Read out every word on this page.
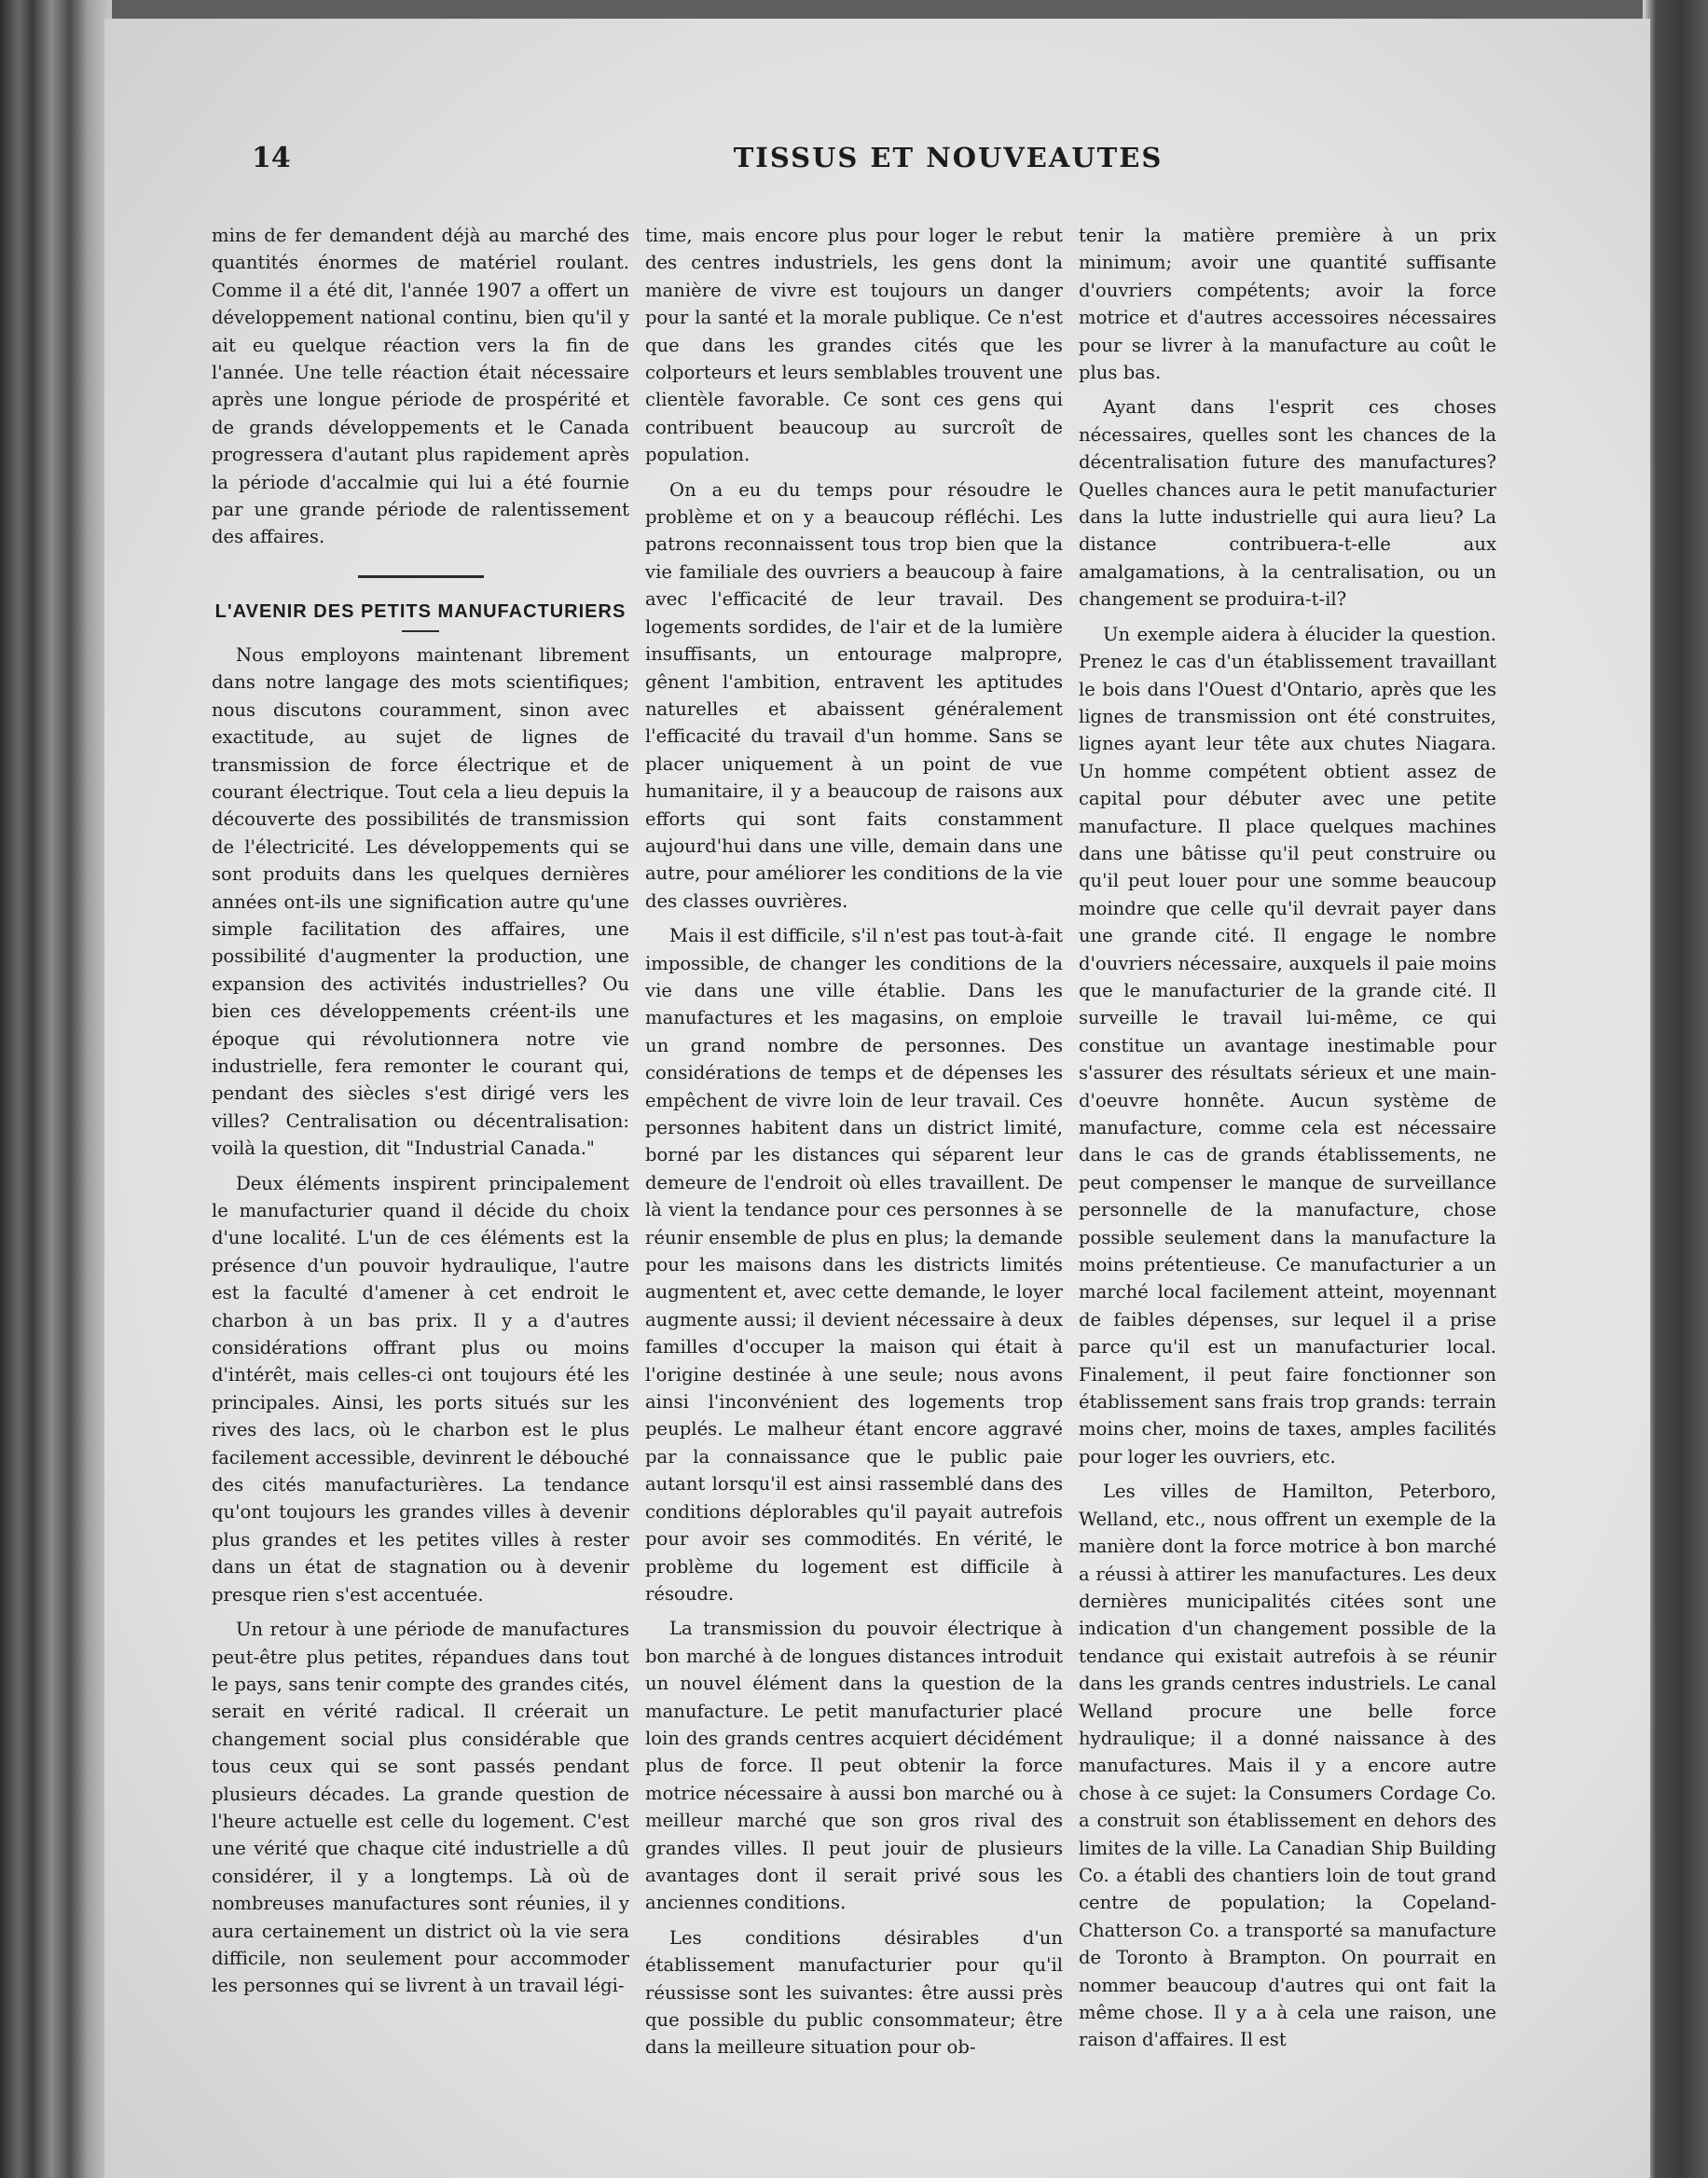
14	TISSUS ET NOUVEAUTES

mins de fer demandent déjà au marché des quantités énormes de matériel roulant. Comme il a été dit, l'année 1907 a offert un développement national continu, bien qu'il y ait eu quelque réaction vers la fin de l'année. Une telle réaction était nécessaire après une longue période de prospérité et de grands développements et le Canada progressera d'autant plus rapidement après la période d'accalmie qui lui a été fournie par une grande période de ralentissement des affaires.

L'AVENIR DES PETITS MANUFACTURIERS

Nous employons maintenant librement dans notre langage des mots scientifiques; nous discutons couramment, sinon avec exactitude, au sujet de lignes de transmission de force électrique et de courant électrique. Tout cela a lieu depuis la découverte des possibilités de transmission de l'électricité. Les développements qui se sont produits dans les quelques dernières années ont-ils une signification autre qu'une simple facilitation des affaires, une possibilité d'augmenter la production, une expansion des activités industrielles? Ou bien ces développements créent-ils une époque qui révolutionnera notre vie industrielle, fera remonter le courant qui, pendant des siècles s'est dirigé vers les villes? Centralisation ou décentralisation: voilà la question, dit "Industrial Canada."

Deux éléments inspirent principalement le manufacturier quand il décide du choix d'une localité. L'un de ces éléments est la présence d'un pouvoir hydraulique, l'autre est la faculté d'amener à cet endroit le charbon à un bas prix. Il y a d'autres considérations offrant plus ou moins d'intérêt, mais celles-ci ont toujours été les principales. Ainsi, les ports situés sur les rives des lacs, où le charbon est le plus facilement accessible, devinrent le débouché des cités manufacturières. La tendance qu'ont toujours les grandes villes à devenir plus grandes et les petites villes à rester dans un état de stagnation ou à devenir presque rien s'est accentuée.

Un retour à une période de manufactures peut-être plus petites, répandues dans tout le pays, sans tenir compte des grandes cités, serait en vérité radical. Il créerait un changement social plus considérable que tous ceux qui se sont passés pendant plusieurs décades. La grande question de l'heure actuelle est celle du logement. C'est une vérité que chaque cité industrielle a dû considérer, il y a longtemps. Là où de nombreuses manufactures sont réunies, il y aura certainement un district où la vie sera difficile, non seulement pour accommoder les personnes qui se livrent à un travail légi-

time, mais encore plus pour loger le rebut des centres industriels, les gens dont la manière de vivre est toujours un danger pour la santé et la morale publique. Ce n'est que dans les grandes cités que les colporteurs et leurs semblables trouvent une clientèle favorable. Ce sont ces gens qui contribuent beaucoup au surcroît de population.

On a eu du temps pour résoudre le problème et on y a beaucoup réfléchi. Les patrons reconnaissent tous trop bien que la vie familiale des ouvriers a beaucoup à faire avec l'efficacité de leur travail. Des logements sordides, de l'air et de la lumière insuffisants, un entourage malpropre, gênent l'ambition, entravent les aptitudes naturelles et abaissent généralement l'efficacité du travail d'un homme. Sans se placer uniquement à un point de vue humanitaire, il y a beaucoup de raisons aux efforts qui sont faits constamment aujourd'hui dans une ville, demain dans une autre, pour améliorer les conditions de la vie des classes ouvrières.

Mais il est difficile, s'il n'est pas tout-à-fait impossible, de changer les conditions de la vie dans une ville établie. Dans les manufactures et les magasins, on emploie un grand nombre de personnes. Des considérations de temps et de dépenses les empêchent de vivre loin de leur travail. Ces personnes habitent dans un district limité, borné par les distances qui séparent leur demeure de l'endroit où elles travaillent. De là vient la tendance pour ces personnes à se réunir ensemble de plus en plus; la demande pour les maisons dans les districts limités augmentent et, avec cette demande, le loyer augmente aussi; il devient nécessaire à deux familles d'occuper la maison qui était à l'origine destinée à une seule; nous avons ainsi l'inconvénient des logements trop peuplés. Le malheur étant encore aggravé par la connaissance que le public paie autant lorsqu'il est ainsi rassemblé dans des conditions déplorables qu'il payait autrefois pour avoir ses commodités. En vérité, le problème du logement est difficile à résoudre.

La transmission du pouvoir électrique à bon marché à de longues distances introduit un nouvel élément dans la question de la manufacture. Le petit manufacturier placé loin des grands centres acquiert décidément plus de force. Il peut obtenir la force motrice nécessaire à aussi bon marché ou à meilleur marché que son gros rival des grandes villes. Il peut jouir de plusieurs avantages dont il serait privé sous les anciennes conditions.

Les conditions désirables d'un établissement manufacturier pour qu'il réussisse sont les suivantes: être aussi près que possible du public consommateur; être dans la meilleure situation pour ob-

tenir la matière première à un prix minimum; avoir une quantité suffisante d'ouvriers compétents; avoir la force motrice et d'autres accessoires nécessaires pour se livrer à la manufacture au coût le plus bas.

Ayant dans l'esprit ces choses nécessaires, quelles sont les chances de la décentralisation future des manufactures? Quelles chances aura le petit manufacturier dans la lutte industrielle qui aura lieu? La distance contribuera-t-elle aux amalgamations, à la centralisation, ou un changement se produira-t-il?

Un exemple aidera à élucider la question. Prenez le cas d'un établissement travaillant le bois dans l'Ouest d'Ontario, après que les lignes de transmission ont été construites, lignes ayant leur tête aux chutes Niagara. Un homme compétent obtient assez de capital pour débuter avec une petite manufacture. Il place quelques machines dans une bâtisse qu'il peut construire ou qu'il peut louer pour une somme beaucoup moindre que celle qu'il devrait payer dans une grande cité. Il engage le nombre d'ouvriers nécessaire, auxquels il paie moins que le manufacturier de la grande cité. Il surveille le travail lui-même, ce qui constitue un avantage inestimable pour s'assurer des résultats sérieux et une main-d'oeuvre honnête. Aucun système de manufacture, comme cela est nécessaire dans le cas de grands établissements, ne peut compenser le manque de surveillance personnelle de la manufacture, chose possible seulement dans la manufacture la moins prétentieuse. Ce manufacturier a un marché local facilement atteint, moyennant de faibles dépenses, sur lequel il a prise parce qu'il est un manufacturier local. Finalement, il peut faire fonctionner son établissement sans frais trop grands: terrain moins cher, moins de taxes, amples facilités pour loger les ouvriers, etc.

Les villes de Hamilton, Peterboro, Welland, etc., nous offrent un exemple de la manière dont la force motrice à bon marché a réussi à attirer les manufactures. Les deux dernières municipalités citées sont une indication d'un changement possible de la tendance qui existait autrefois à se réunir dans les grands centres industriels. Le canal Welland procure une belle force hydraulique; il a donné naissance à des manufactures. Mais il y a encore autre chose à ce sujet: la Consumers Cordage Co. a construit son établissement en dehors des limites de la ville. La Canadian Ship Building Co. a établi des chantiers loin de tout grand centre de population; la Copeland-Chatterson Co. a transporté sa manufacture de Toronto à Brampton. On pourrait en nommer beaucoup d'autres qui ont fait la même chose. Il y a à cela une raison, une raison d'affaires. Il est
